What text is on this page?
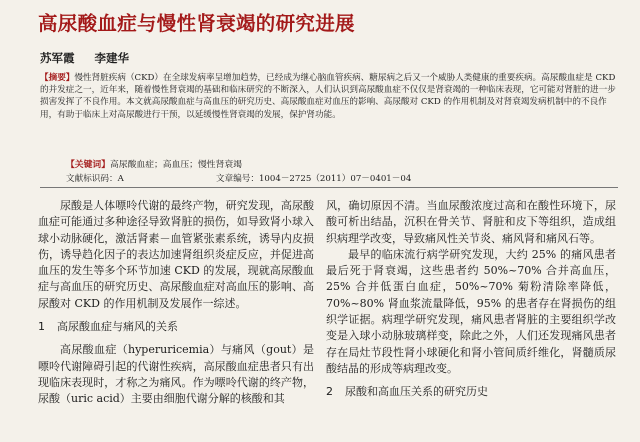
高尿酸血症与慢性肾衰竭的研究进展
苏军霞 李建华
【摘要】慢性肾脏疾病（CKD）在全球发病率呈增加趋势，已经成为继心脑血管疾病、糖尿病之后又一个威胁人类健康的重要疾病。高尿酸血症是 CKD 的并发症之一，近年来，随着慢性肾衰竭的基础和临床研究的不断深入，人们认识到高尿酸血症不仅仅是肾衰竭的一种临床表现，它可能对肾脏的进一步损害发挥了不良作用。本文就高尿酸血症与高血压的研究历史、高尿酸血症对血压的影响、高尿酸对 CKD 的作用机制及对肾衰竭发病机制中的不良作用，有助于临床上对高尿酸进行干预，以延缓慢性肾衰竭的发展，保护肾功能。
【关键词】高尿酸血症；高血压；慢性肾衰竭
文献标识码：A	文章编号：1004－2725（2011）07－0401－04

尿酸是人体嘌呤代谢的最终产物，研究发现，高尿酸血症可能通过多种途径导致肾脏的损伤，如导致肾小球入球小动脉硬化，激活肾素－血管紧张素系统，诱导内皮损伤，诱导趋化因子的表达加速肾组织炎症反应，并促进高血压的发生等多个环节加速 CKD 的发展，现就高尿酸血症与高血压的研究历史、高尿酸血症对高血压的影响、高尿酸对 CKD 的作用机制及发展作一综述。

1 高尿酸血症与痛风的关系

高尿酸血症（hyperuricemia）与痛风（gout）是嘌呤代谢障碍引起的代谢性疾病，高尿酸血症患者只有出现临床表现时，才称之为痛风。作为嘌呤代谢的终产物，尿酸（uric acid）主要由细胞代谢分解的核酸和其

风，确切原因不清。当血尿酸浓度过高和在酸性环境下，尿酸可析出结晶，沉积在骨关节、肾脏和皮下等组织，造成组织病理学改变，导致痛风性关节炎、痛风肾和痛风石等。

最早的临床流行病学研究发现，大约 25% 的痛风患者最后死于肾衰竭，这些患者约 50%~70% 合并高血压，25% 合并低蛋白血症，50%~70% 菊粉清除率降低，70%~80% 肾血浆流量降低，95% 的患者存在肾损伤的组织学证据。病理学研究发现，痛风患者肾脏的主要组织学改变是入球小动脉玻璃样变，除此之外，人们还发现痛风患者存在局灶节段性肾小球硬化和肾小管间质纤维化，肾髓质尿酸结晶的形成等病理改变。

2 尿酸和高血压关系的研究历史
